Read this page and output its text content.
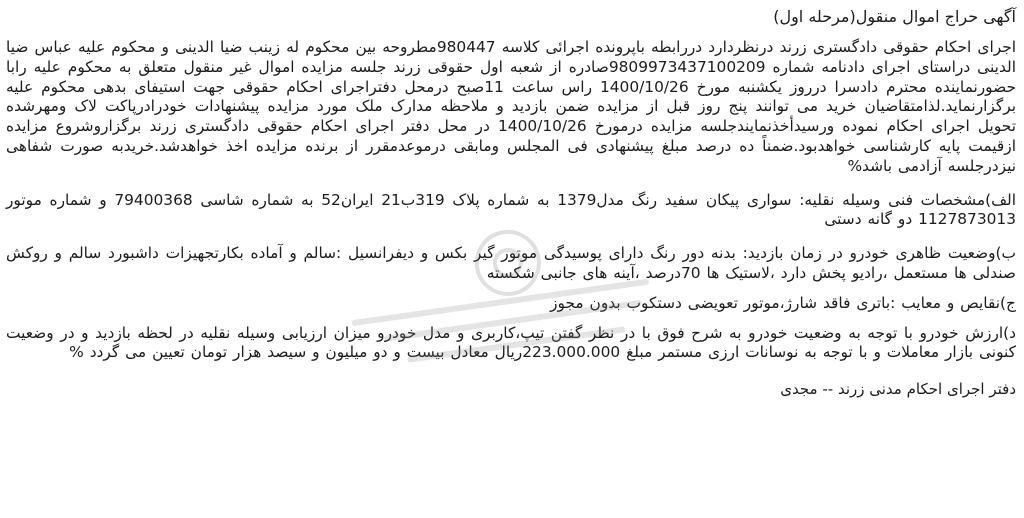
آگهی حراج اموال منقول(مرحله اول)

اجرای احکام حقوقی دادگستری زرند درنظردارد دررابطه باپرونده اجرائی کلاسه 980447مطروحه بین محکوم له زینب ضیا الدینی و محکوم علیه عباس ضیا الدینی دراستای اجرای دادنامه شماره 9809973437100209صادره از شعبه اول حقوقی زرند جلسه مزایده اموال غیر منقول متعلق به محکوم علیه رابا حضورنماینده محترم دادسرا درروز یکشنبه مورخ 1400/10/26 راس ساعت 11صبح درمحل دفتراجرای احکام حقوقی جهت استیفای بدهی محکوم علیه برگزارنماید.لذامتقاضیان خرید می توانند پنج روز قبل از مزایده ضمن بازدید و ملاحظه مدارک ملک مورد مزایده پیشنهادات خودرادرپاکت لاک ومهرشده تحویل اجرای احکام نموده ورسیدأخذنمایندجلسه مزایده درمورخ 1400/10/26 در محل دفتر اجرای احکام حقوقی دادگستری زرند برگزاروشروع مزایده ازقیمت پایه کارشناسی خواهدبود.ضمناً ده درصد مبلغ پیشنهادی فی المجلس ومابقی درموعدمقرر از برنده مزایده اخذ خواهدشد.خریدبه صورت شفاهی نیزدرجلسه آزادمی باشد%

الف)مشخصات فنی وسیله نقلیه: سواری پیکان سفید رنگ مدل1379 به شماره پلاک 319ب21 ایران52 به شماره شاسی 79400368 و شماره موتور 1127873013 دو گانه دستی

ب)وضعیت ظاهری خودرو در زمان بازدید: بدنه دور رنگ دارای پوسیدگی موتور گیر بکس و دیفرانسیل :سالم و آماده بکارتجهیزات داشبورد سالم و روکش صندلی ها مستعمل ،رادیو پخش دارد ،لاستیک ها 70درصد ،آینه های جانبی شکسته

ج)نقایص و معایب :باتری فاقد شارژ،موتور تعویضی دستکوب بدون مجوز

د)ارزش خودرو با توجه به وضعیت خودرو به شرح فوق با در نظر گفتن تیپ،کاربری و مدل خودرو میزان ارزیابی وسیله نقلیه در لحظه بازدید و در وضعیت کنونی بازار معاملات و با توجه به نوسانات ارزی مستمر مبلغ 223.000.000ریال معادل بیست و دو میلیون و سیصد هزار تومان تعیین می گردد %

دفتر اجرای احکام مدنی زرند -- مجدی
